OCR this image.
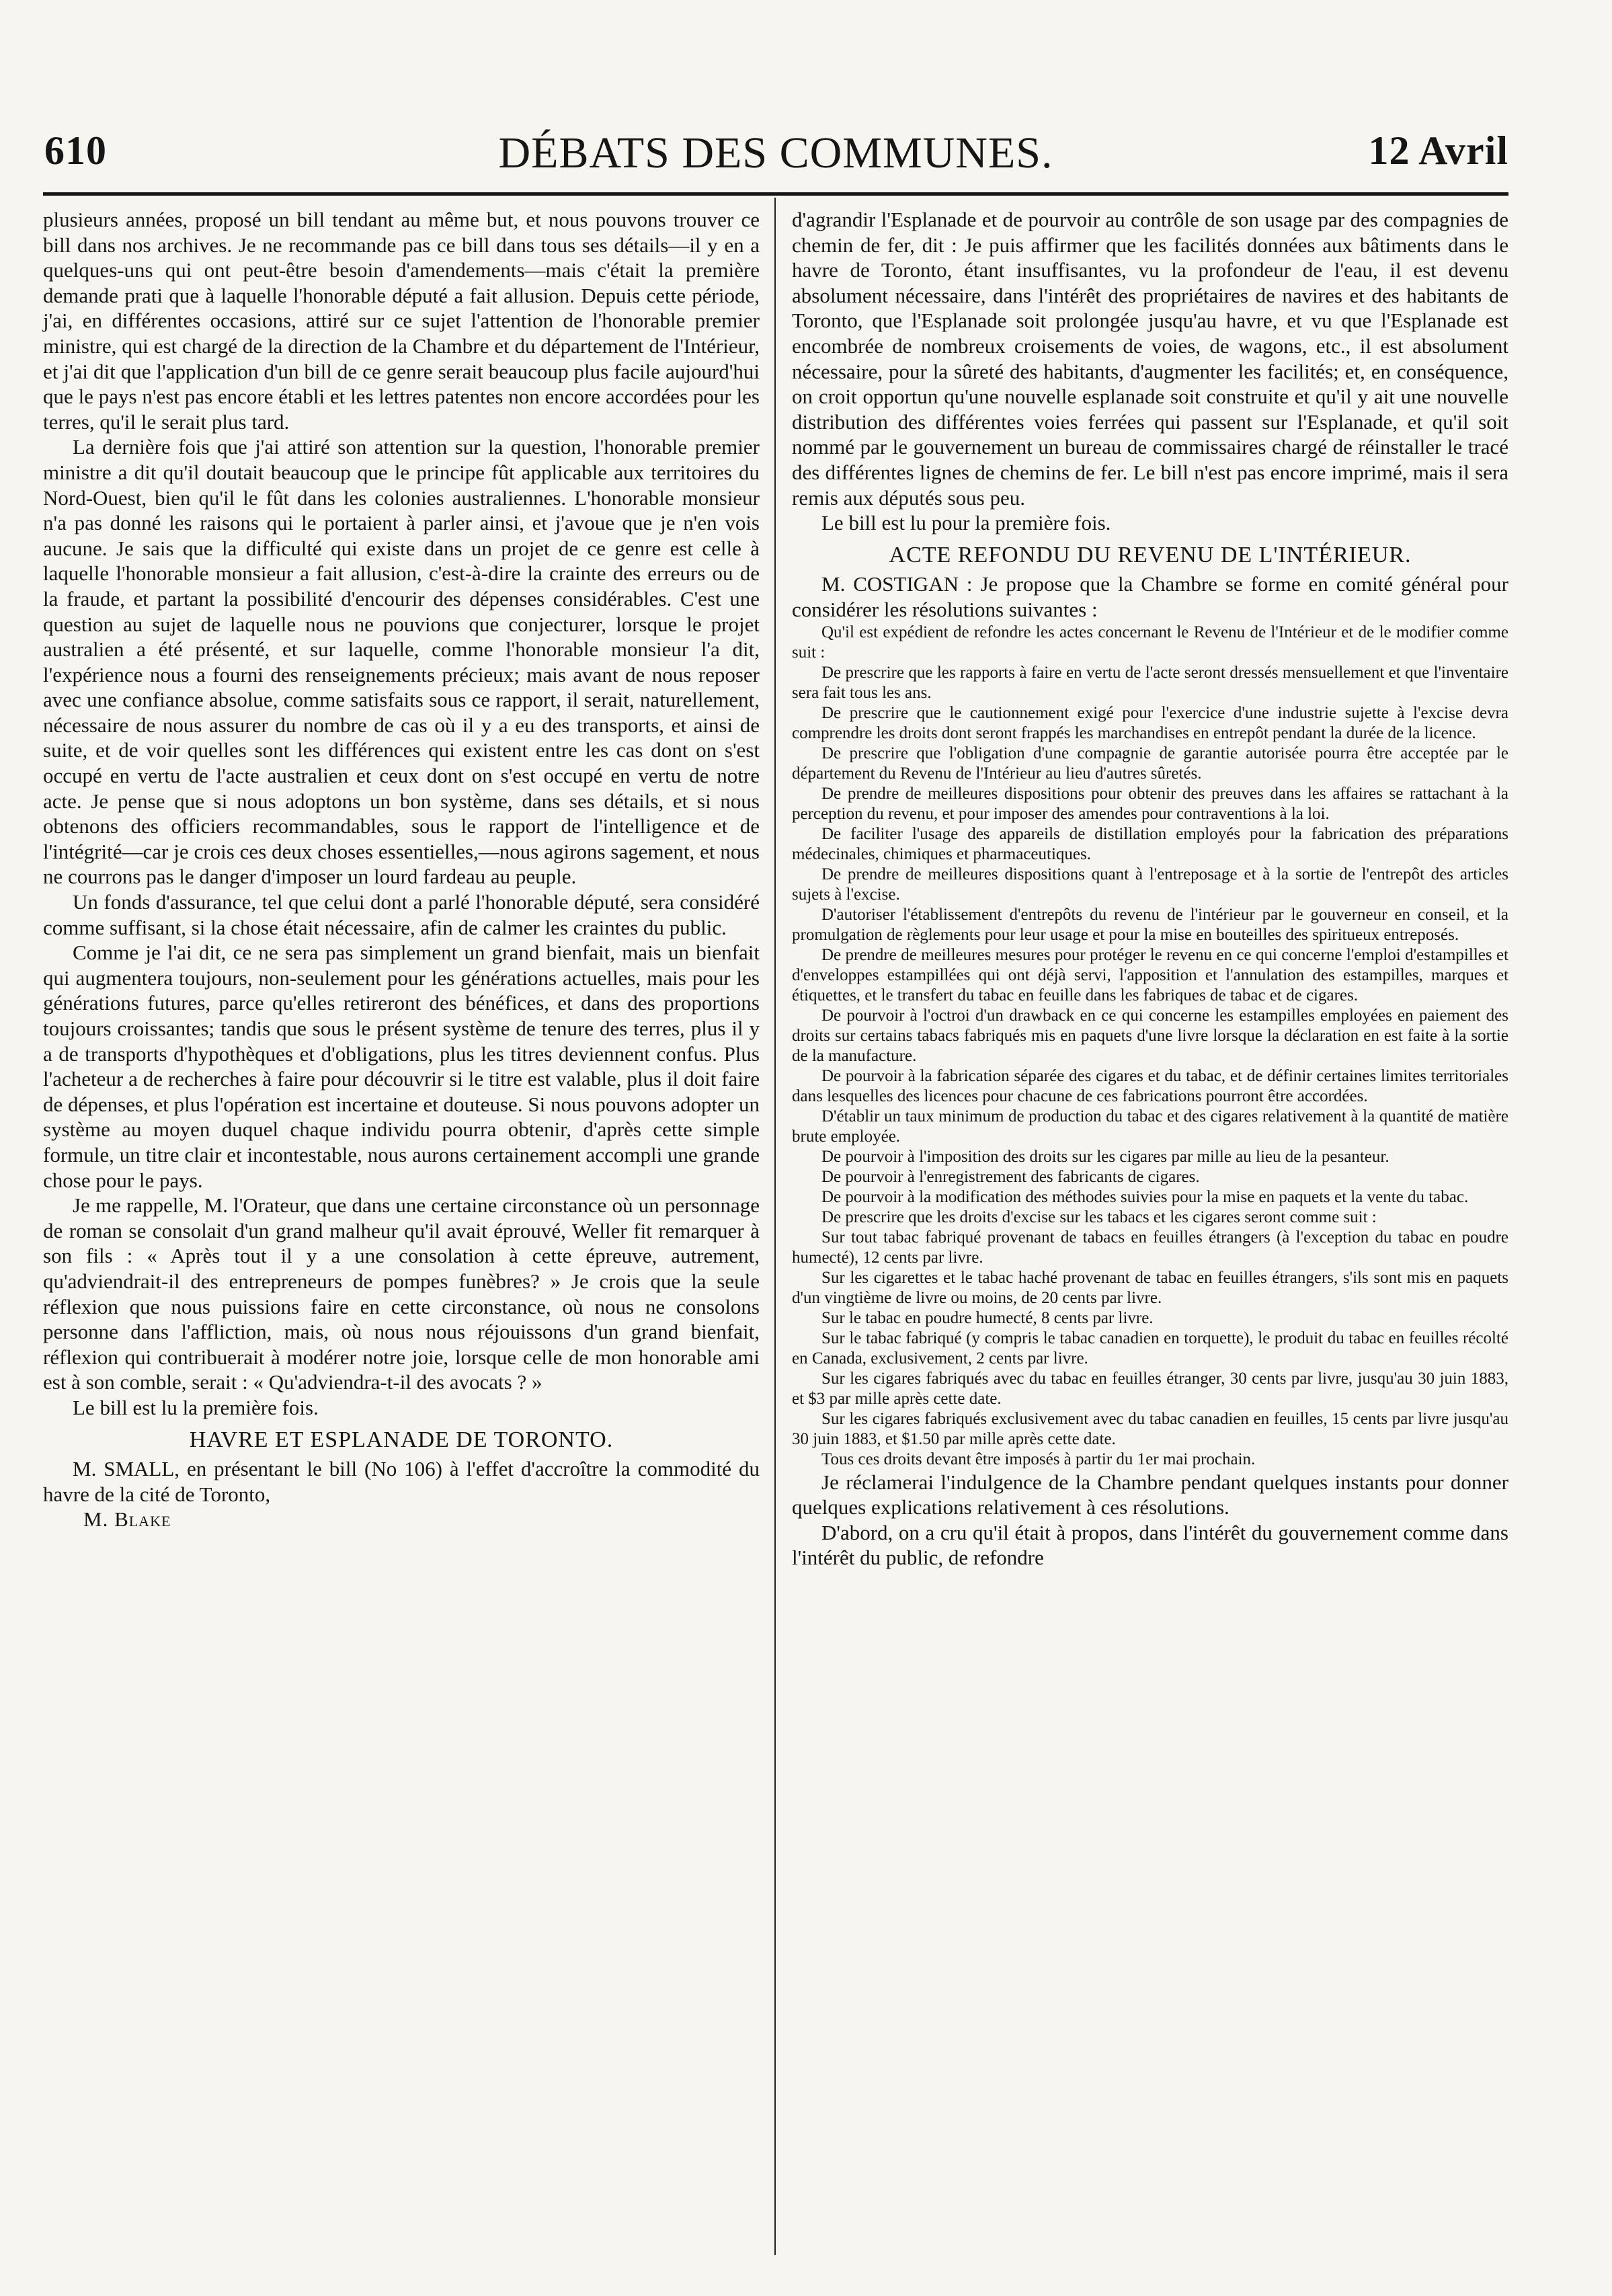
610	DÉBATS DES COMMUNES.	12 Avril

plusieurs années, proposé un bill tendant au même but, et nous pouvons trouver ce bill dans nos archives. Je ne recommande pas ce bill dans tous ses détails—il y en a quelques-uns qui ont peut-être besoin d'amendements—mais c'était la première demande prati que à laquelle l'honorable député a fait allusion. Depuis cette période, j'ai, en différentes occasions, attiré sur ce sujet l'attention de l'honorable premier ministre, qui est chargé de la direction de la Chambre et du département de l'Intérieur, et j'ai dit que l'application d'un bill de ce genre serait beaucoup plus facile aujourd'hui que le pays n'est pas encore établi et les lettres patentes non encore accordées pour les terres, qu'il le serait plus tard.

La dernière fois que j'ai attiré son attention sur la question, l'honorable premier ministre a dit qu'il doutait beaucoup que le principe fût applicable aux territoires du Nord-Ouest, bien qu'il le fût dans les colonies australiennes. L'honorable monsieur n'a pas donné les raisons qui le portaient à parler ainsi, et j'avoue que je n'en vois aucune. Je sais que la difficulté qui existe dans un projet de ce genre est celle à laquelle l'honorable monsieur a fait allusion, c'est-à-dire la crainte des erreurs ou de la fraude, et partant la possibilité d'encourir des dépenses considérables. C'est une question au sujet de laquelle nous ne pouvions que conjecturer, lorsque le projet australien a été présenté, et sur laquelle, comme l'honorable monsieur l'a dit, l'expérience nous a fourni des renseignements précieux; mais avant de nous reposer avec une confiance absolue, comme satisfaits sous ce rapport, il serait, naturellement, nécessaire de nous assurer du nombre de cas où il y a eu des transports, et ainsi de suite, et de voir quelles sont les différences qui existent entre les cas dont on s'est occupé en vertu de l'acte australien et ceux dont on s'est occupé en vertu de notre acte. Je pense que si nous adoptons un bon système, dans ses détails, et si nous obtenons des officiers recommandables, sous le rapport de l'intelligence et de l'intégrité—car je crois ces deux choses essentielles,—nous agirons sagement, et nous ne courrons pas le danger d'imposer un lourd fardeau au peuple.

Un fonds d'assurance, tel que celui dont a parlé l'honorable député, sera considéré comme suffisant, si la chose était nécessaire, afin de calmer les craintes du public.

Comme je l'ai dit, ce ne sera pas simplement un grand bienfait, mais un bienfait qui augmentera toujours, non-seulement pour les générations actuelles, mais pour les générations futures, parce qu'elles retireront des bénéfices, et dans des proportions toujours croissantes; tandis que sous le présent système de tenure des terres, plus il y a de transports d'hypothèques et d'obligations, plus les titres deviennent confus. Plus l'acheteur a de recherches à faire pour découvrir si le titre est valable, plus il doit faire de dépenses, et plus l'opération est incertaine et douteuse. Si nous pouvons adopter un système au moyen duquel chaque individu pourra obtenir, d'après cette simple formule, un titre clair et incontestable, nous aurons certainement accompli une grande chose pour le pays.

Je me rappelle, M. l'Orateur, que dans une certaine circonstance où un personnage de roman se consolait d'un grand malheur qu'il avait éprouvé, Weller fit remarquer à son fils : « Après tout il y a une consolation à cette épreuve, autrement, qu'adviendrait-il des entrepreneurs de pompes funèbres? » Je crois que la seule réflexion que nous puissions faire en cette circonstance, où nous ne consolons personne dans l'affliction, mais, où nous nous réjouissons d'un grand bienfait, réflexion qui contribuerait à modérer notre joie, lorsque celle de mon honorable ami est à son comble, serait : « Qu'adviendra-t-il des avocats ? »

Le bill est lu la première fois.

HAVRE ET ESPLANADE DE TORONTO.

M. SMALL, en présentant le bill (No 106) à l'effet d'accroître la commodité du havre de la cité de Toronto,

M. Blake

d'agrandir l'Esplanade et de pourvoir au contrôle de son usage par des compagnies de chemin de fer, dit : Je puis affirmer que les facilités données aux bâtiments dans le havre de Toronto, étant insuffisantes, vu la profondeur de l'eau, il est devenu absolument nécessaire, dans l'intérêt des propriétaires de navires et des habitants de Toronto, que l'Esplanade soit prolongée jusqu'au havre, et vu que l'Esplanade est encombrée de nombreux croisements de voies, de wagons, etc., il est absolument nécessaire, pour la sûreté des habitants, d'augmenter les facilités; et, en conséquence, on croit opportun qu'une nouvelle esplanade soit construite et qu'il y ait une nouvelle distribution des différentes voies ferrées qui passent sur l'Esplanade, et qu'il soit nommé par le gouvernement un bureau de commissaires chargé de réinstaller le tracé des différentes lignes de chemins de fer. Le bill n'est pas encore imprimé, mais il sera remis aux députés sous peu.

Le bill est lu pour la première fois.

ACTE REFONDU DU REVENU DE L'INTÉRIEUR.

M. COSTIGAN : Je propose que la Chambre se forme en comité général pour considérer les résolutions suivantes :

Qu'il est expédient de refondre les actes concernant le Revenu de l'Intérieur et de le modifier comme suit :

De prescrire que les rapports à faire en vertu de l'acte seront dressés mensuellement et que l'inventaire sera fait tous les ans.

De prescrire que le cautionnement exigé pour l'exercice d'une industrie sujette à l'excise devra comprendre les droits dont seront frappés les marchandises en entrepôt pendant la durée de la licence.

De prescrire que l'obligation d'une compagnie de garantie autorisée pourra être acceptée par le département du Revenu de l'Intérieur au lieu d'autres sûretés.

De prendre de meilleures dispositions pour obtenir des preuves dans les affaires se rattachant à la perception du revenu, et pour imposer des amendes pour contraventions à la loi.

De faciliter l'usage des appareils de distillation employés pour la fabrication des préparations médecinales, chimiques et pharmaceutiques.

De prendre de meilleures dispositions quant à l'entreposage et à la sortie de l'entrepôt des articles sujets à l'excise.

D'autoriser l'établissement d'entrepôts du revenu de l'intérieur par le gouverneur en conseil, et la promulgation de règlements pour leur usage et pour la mise en bouteilles des spiritueux entreposés.

De prendre de meilleures mesures pour protéger le revenu en ce qui concerne l'emploi d'estampilles et d'enveloppes estampillées qui ont déjà servi, l'apposition et l'annulation des estampilles, marques et étiquettes, et le transfert du tabac en feuille dans les fabriques de tabac et de cigares.

De pourvoir à l'octroi d'un drawback en ce qui concerne les estampilles employées en paiement des droits sur certains tabacs fabriqués mis en paquets d'une livre lorsque la déclaration en est faite à la sortie de la manufacture.

De pourvoir à la fabrication séparée des cigares et du tabac, et de définir certaines limites territoriales dans lesquelles des licences pour chacune de ces fabrications pourront être accordées.

D'établir un taux minimum de production du tabac et des cigares relativement à la quantité de matière brute employée.

De pourvoir à l'imposition des droits sur les cigares par mille au lieu de la pesanteur.

De pourvoir à l'enregistrement des fabricants de cigares.

De pourvoir à la modification des méthodes suivies pour la mise en paquets et la vente du tabac.

De prescrire que les droits d'excise sur les tabacs et les cigares seront comme suit :

Sur tout tabac fabriqué provenant de tabacs en feuilles étrangers (à l'exception du tabac en poudre humecté), 12 cents par livre.

Sur les cigarettes et le tabac haché provenant de tabac en feuilles étrangers, s'ils sont mis en paquets d'un vingtième de livre ou moins, de 20 cents par livre.

Sur le tabac en poudre humecté, 8 cents par livre.

Sur le tabac fabriqué (y compris le tabac canadien en torquette), le produit du tabac en feuilles récolté en Canada, exclusivement, 2 cents par livre.

Sur les cigares fabriqués avec du tabac en feuilles étranger, 30 cents par livre, jusqu'au 30 juin 1883, et $3 par mille après cette date.

Sur les cigares fabriqués exclusivement avec du tabac canadien en feuilles, 15 cents par livre jusqu'au 30 juin 1883, et $1.50 par mille après cette date.

Tous ces droits devant être imposés à partir du 1er mai prochain.

Je réclamerai l'indulgence de la Chambre pendant quelques instants pour donner quelques explications relativement à ces résolutions.

D'abord, on a cru qu'il était à propos, dans l'intérêt du gouvernement comme dans l'intérêt du public, de refondre
